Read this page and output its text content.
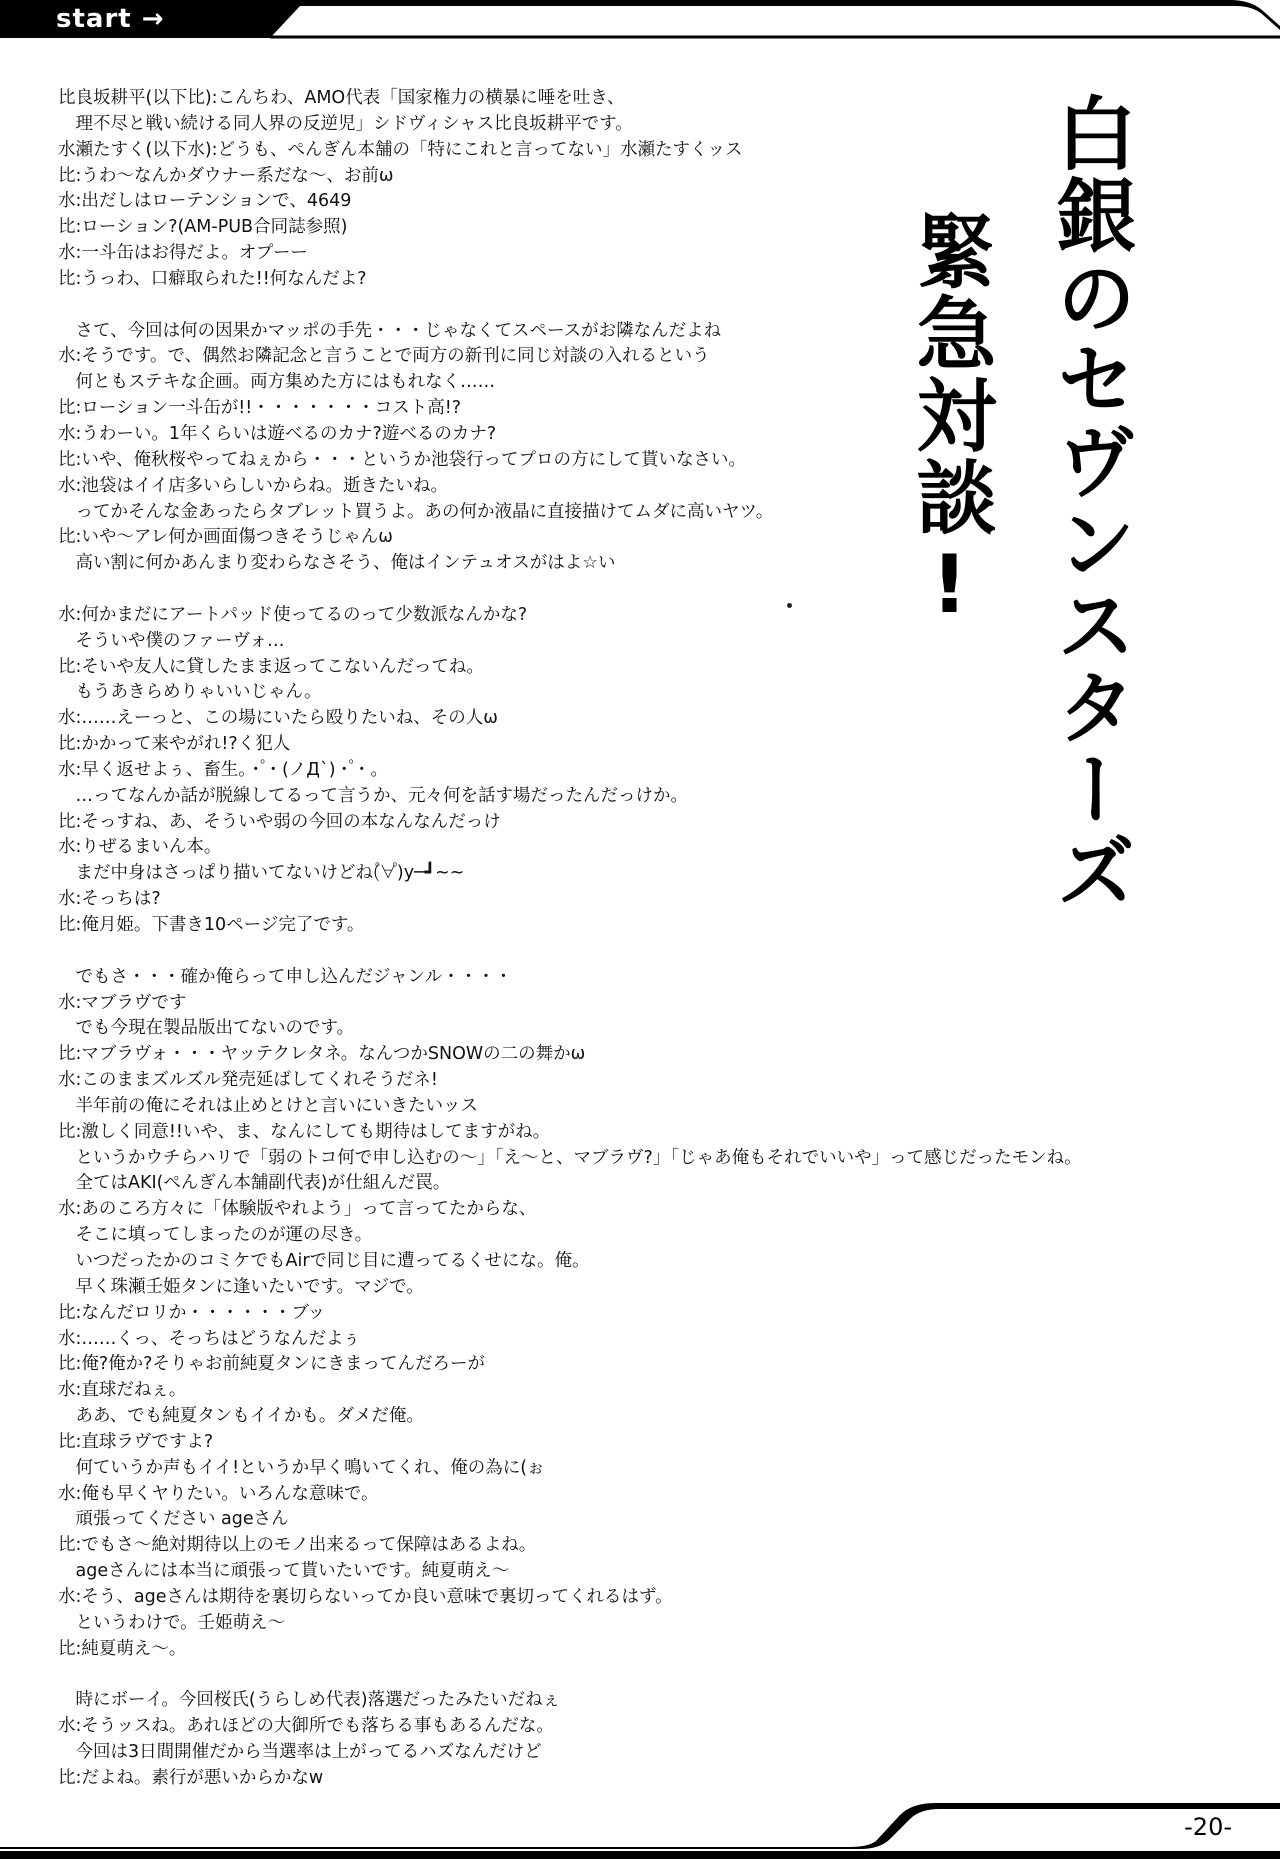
start →
白銀のセヴンスターズ
緊急対談!
比良坂耕平(以下比):こんちわ、AMO代表「国家権力の横暴に唾を吐き、
　理不尽と戦い続ける同人界の反逆児」シドヴィシャス比良坂耕平です。
水瀬たすく(以下水):どうも、ぺんぎん本舗の「特にこれと言ってない」水瀬たすくッス
比:うわ〜なんかダウナー系だな〜、お前ω
水:出だしはローテンションで、4649
比:ローション?(AM-PUB合同誌参照)
水:一斗缶はお得だよ。オプーー
比:うっわ、口癖取られた!!何なんだよ?
　さて、今回は何の因果かマッポの手先・・・じゃなくてスペースがお隣なんだよね
水:そうです。で、偶然お隣記念と言うことで両方の新刊に同じ対談の入れるという
　何ともステキな企画。両方集めた方にはもれなく……
比:ローション一斗缶が!!・・・・・・・コスト高!?
水:うわーい。1年くらいは遊べるのカナ?遊べるのカナ?
比:いや、俺秋桜やってねぇから・・・というか池袋行ってプロの方にして貰いなさい。
水:池袋はイイ店多いらしいからね。逝きたいね。
　ってかそんな金あったらタブレット買うよ。あの何か液晶に直接描けてムダに高いヤツ。
比:いや〜アレ何か画面傷つきそうじゃんω
　高い割に何かあんまり変わらなさそう、俺はインテュオスがはよ☆い
水:何かまだにアートパッド使ってるのって少数派なんかな?
　そういや僕のファーヴォ…
比:そいや友人に貸したまま返ってこないんだってね。
　もうあきらめりゃいいじゃん。
水:……えーっと、この場にいたら殴りたいね、その人ω
比:かかって来やがれ!?く犯人
水:早く返せよぅ、畜生。・゚・(ノД`)・゚・。
　…ってなんか話が脱線してるって言うか、元々何を話す場だったんだっけか。
比:そっすね、あ、そういや弱の今回の本なんなんだっけ
水:りぜるまいん本。
　まだ中身はさっぱり描いてないけどね(゚∀゚)y─┛~~
水:そっちは?
比:俺月姫。下書き10ページ完了です。
　でもさ・・・確か俺らって申し込んだジャンル・・・・
水:マブラヴです
　でも今現在製品版出てないのです。
比:マブラヴォ・・・ヤッテクレタネ。なんつかSNOWの二の舞かω
水:このままズルズル発売延ばしてくれそうだネ!
　半年前の俺にそれは止めとけと言いにいきたいッス
比:激しく同意!!いや、ま、なんにしても期待はしてますがね。
　というかウチらハリで「弱のトコ何で申し込むの〜」「え〜と、マブラヴ?」「じゃあ俺もそれでいいや」って感じだったモンね。
　全てはAKI(ぺんぎん本舗副代表)が仕組んだ罠。
水:あのころ方々に「体験版やれよう」って言ってたからな、
　そこに填ってしまったのが運の尽き。
　いつだったかのコミケでもAirで同じ目に遭ってるくせにな。俺。
　早く珠瀬壬姫タンに逢いたいです。マジで。
比:なんだロリか・・・・・・ブッ
水:……くっ、そっちはどうなんだよぅ
比:俺?俺か?そりゃお前純夏タンにきまってんだろーが
水:直球だねぇ。
　ああ、でも純夏タンもイイかも。ダメだ俺。
比:直球ラヴですよ?
　何ていうか声もイイ!というか早く鳴いてくれ、俺の為に(ぉ
水:俺も早くヤりたい。いろんな意味で。
　頑張ってください ageさん
比:でもさ〜絶対期待以上のモノ出来るって保障はあるよね。
　ageさんには本当に頑張って貰いたいです。純夏萌え〜
水:そう、ageさんは期待を裏切らないってか良い意味で裏切ってくれるはず。
　というわけで。壬姫萌え〜
比:純夏萌え〜。
　時にボーイ。今回桜氏(うらしめ代表)落選だったみたいだねぇ
水:そうッスね。あれほどの大御所でも落ちる事もあるんだな。
　今回は3日間開催だから当選率は上がってるハズなんだけど
比:だよね。素行が悪いからかなw
-20-
